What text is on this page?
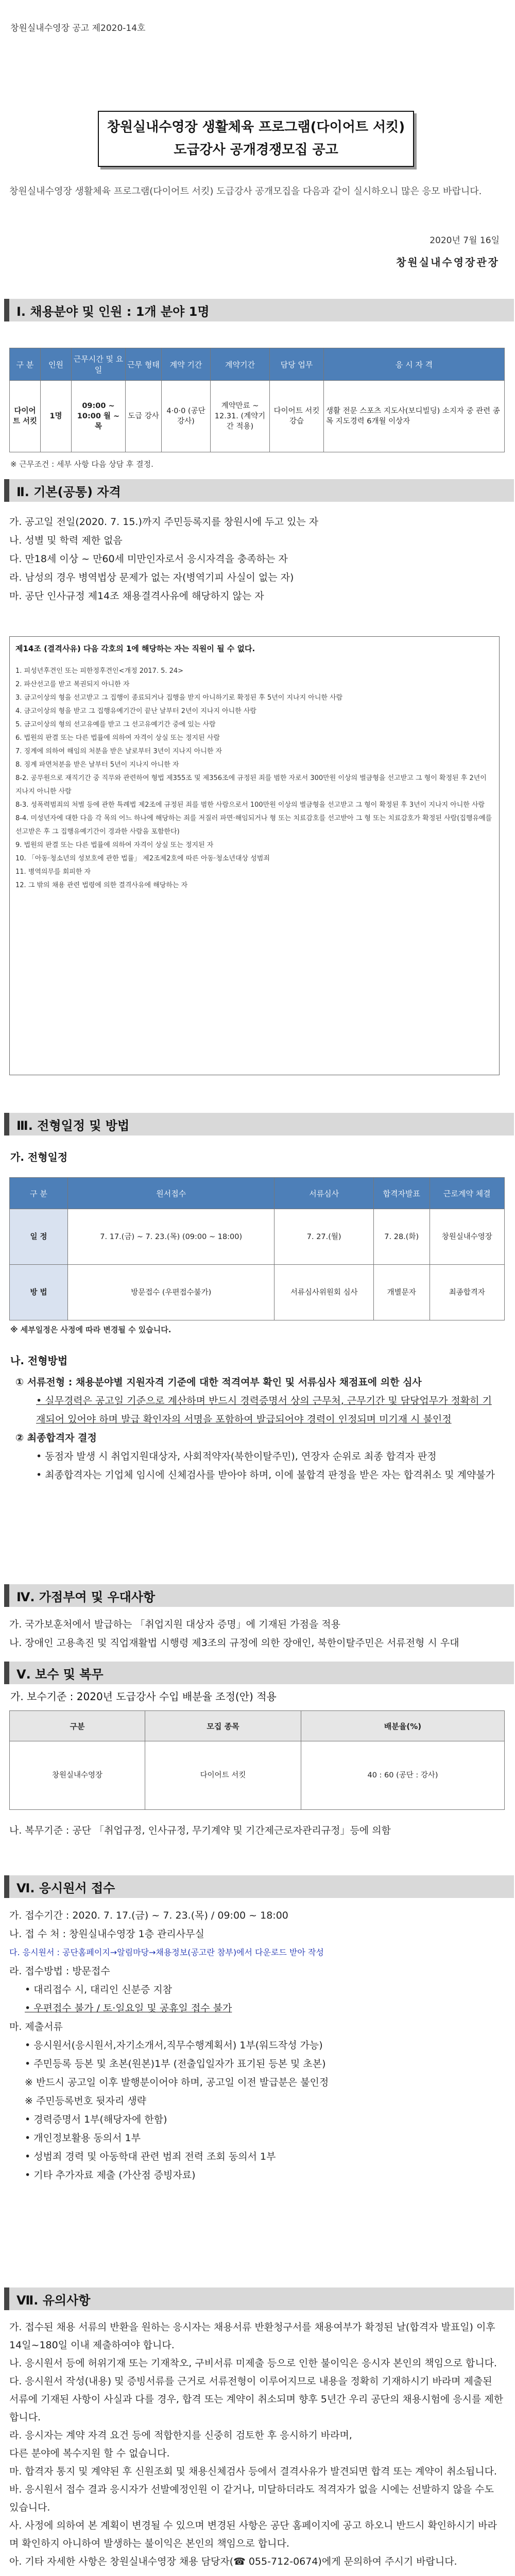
창원실내수영장 공고 제2020-14호
창원실내수영장 생활체육 프로그램(다이어트 서킷)
도급강사 공개경쟁모집 공고
창원실내수영장 생활체육 프로그램(다이어트 서킷) 도급강사 공개모집을 다음과 같이 실시하오니 많은 응모 바랍니다.
2020년 7월 16일
창원실내수영장관장
Ⅰ. 채용분야 및 인원 : 1개 분야 1명
구 분	인원	근무시간 및 요일	근무 형태	계약 기간	계약기간	담당 업무	응 시 자 격
다이어트 서킷	1명	09:00 ~ 10:00 월 ~ 목	도급 강사	4·0·0 (공단 강사)	계약만료 ~ 12.31. (계약기간 적용)	다이어트 서킷 강습	생활 전문 스포츠 지도사(보디빌딩) 소지자 중 관련 종목 지도경력 6개월 이상자
※ 근무조건 : 세부 사항 다음 상담 후 결정.
Ⅱ. 기본(공통) 자격
가. 공고일 전일(2020. 7. 15.)까지 주민등록지를 창원시에 두고 있는 자
나. 성별 및 학력 제한 없음
다. 만18세 이상 ~ 만60세 미만인자로서 응시자격을 충족하는 자
라. 남성의 경우 병역법상 문제가 없는 자(병역기피 사실이 없는 자)
마. 공단 인사규정 제14조 채용결격사유에 해당하지 않는 자
제14조 (결격사유) 다음 각호의 1에 해당하는 자는 직원이 될 수 없다.
1. 피성년후견인 또는 피한정후견인<개정 2017. 5. 24>
2. 파산선고를 받고 복권되지 아니한 자
3. 금고이상의 형을 선고받고 그 집행이 종료되거나 집행을 받지 아니하기로 확정된 후 5년이 지나지 아니한 사람
4. 금고이상의 형을 받고 그 집행유예기간이 끝난 날부터 2년이 지나지 아니한 사람
5. 금고이상의 형의 선고유예를 받고 그 선고유예기간 중에 있는 사람
6. 법원의 판결 또는 다른 법률에 의하여 자격이 상실 또는 정지된 사람
7. 징계에 의하여 해임의 처분을 받은 날로부터 3년이 지나지 아니한 자
8. 징계 파면처분을 받은 날부터 5년이 지나지 아니한 자
8-2. 공무원으로 재직기간 중 직무와 관련하여 형법 제355조 및 제356조에 규정된 죄를 범한 자로서 300만원 이상의 벌금형을 선고받고 그 형이 확정된 후 2년이 지나지 아니한 사람
8-3. 성폭력범죄의 처벌 등에 관한 특례법 제2조에 규정된 죄를 범한 사람으로서 100만원 이상의 벌금형을 선고받고 그 형이 확정된 후 3년이 지나지 아니한 사람
8-4. 미성년자에 대한 다음 각 목의 어느 하나에 해당하는 죄를 저질러 파면·해임되거나 형 또는 치료감호를 선고받아 그 형 또는 치료감호가 확정된 사람(집행유예를 선고받은 후 그 집행유예기간이 경과한 사람을 포함한다)
9. 법원의 판결 또는 다른 법률에 의하여 자격이 상실 또는 정지된 자
10. 「아동·청소년의 성보호에 관한 법률」 제2조제2호에 따른 아동·청소년대상 성범죄
11. 병역의무를 회피한 자
12. 그 밖의 채용 관련 법령에 의한 결격사유에 해당하는 자
Ⅲ. 전형일정 및 방법
가. 전형일정
구 분	원서접수	서류심사	합격자발표	근로계약 체결
일 정	7. 17.(금) ~ 7. 23.(목) (09:00 ~ 18:00)	7. 27.(월)	7. 28.(화)	창원실내수영장
방 법	방문접수 (우편접수불가)	서류심사위원회 심사	개별문자	최종합격자
※ 세부일정은 사정에 따라 변경될 수 있습니다.
나. 전형방법
① 서류전형 : 채용분야별 지원자격 기준에 대한 적격여부 확인 및 서류심사 채점표에 의한 심사
• 실무경력은 공고일 기준으로 계산하며 반드시 경력증명서 상의 근무처, 근무기간 및 담당업무가 정확히 기재되어 있어야 하며 발급 확인자의 서명을 포함하여 발급되어야 경력이 인정되며 미기재 시 불인정
② 최종합격자 결정
• 동점자 발생 시 취업지원대상자, 사회적약자(북한이탈주민), 연장자 순위로 최종 합격자 판정
• 최종합격자는 기업체 임시에 신체검사를 받아야 하며, 이에 불합격 판정을 받은 자는 합격취소 및 계약불가
Ⅳ. 가점부여 및 우대사항
가. 국가보훈처에서 발급하는 「취업지원 대상자 증명」에 기재된 가점을 적용
나. 장애인 고용촉진 및 직업재활법 시행령 제3조의 규정에 의한 장애인, 북한이탈주민은 서류전형 시 우대
Ⅴ. 보수 및 복무
가. 보수기준 : 2020년 도급강사 수입 배분율 조정(안) 적용
구분	모집 종목	배분율(%)
창원실내수영장	다이어트 서킷	40 : 60 (공단 : 강사)
나. 복무기준 : 공단 「취업규정, 인사규정, 무기계약 및 기간제근로자관리규정」등에 의함
Ⅵ. 응시원서 접수
가. 접수기간 : 2020. 7. 17.(금) ~ 7. 23.(목) / 09:00 ~ 18:00
나. 접 수 처 : 창원실내수영장 1층 관리사무실
다. 응시원서 : 공단홈페이지→알림마당→채용정보(공고란 참부)에서 다운로드 받아 작성
라. 접수방법 : 방문접수
• 대리접수 시, 대리인 신분증 지참
• 우편접수 불가 / 토·일요일 및 공휴일 접수 불가
마. 제출서류
• 응시원서(응시원서,자기소개서,직무수행계획서) 1부(워드작성 가능)
• 주민등록 등본 및 초본(원본)1부 (전출입일자가 표기된 등본 및 초본)
※ 반드시 공고일 이후 발행분이어야 하며, 공고일 이전 발급분은 불인정
※ 주민등록번호 뒷자리 생략
• 경력증명서 1부(해당자에 한함)
• 개인정보활용 동의서 1부
• 성범죄 경력 및 아동학대 관련 범죄 전력 조회 동의서 1부
• 기타 추가자료 제출 (가산점 증빙자료)
Ⅶ. 유의사항
가. 접수된 채용 서류의 반환을 원하는 응시자는 채용서류 반환청구서를 채용여부가 확정된 날(합격자 발표일) 이후 14일~180일 이내 제출하여야 합니다.
나. 응시원서 등에 허위기재 또는 기재착오, 구비서류 미제출 등으로 인한 불이익은 응시자 본인의 책임으로 합니다.
다. 응시원서 작성(내용) 및 증빙서류를 근거로 서류전형이 이루어지므로 내용을 정확히 기재하시기 바라며 제출된 서류에 기재된 사항이 사실과 다를 경우, 합격 또는 계약이 취소되며 향후 5년간 우리 공단의 채용시험에 응시를 제한합니다.
라. 응시자는 계약 자격 요건 등에 적합한지를 신중히 검토한 후 응시하기 바라며,
다른 분야에 복수지원 할 수 없습니다.
마. 합격자 통지 및 계약된 후 신원조회 및 채용신체검사 등에서 결격사유가 발견되면 합격 또는 계약이 취소됩니다.
바. 응시원서 접수 결과 응시자가 선발예정인원 이 같거나, 미달하더라도 적격자가 없을 시에는 선발하지 않을 수도 있습니다.
사. 사정에 의하여 본 계획이 변경될 수 있으며 변경된 사항은 공단 홈페이지에 공고 하오니 반드시 확인하시기 바라며 확인하지 아니하여 발생하는 불이익은 본인의 책임으로 합니다.
아. 기타 자세한 사항은 창원실내수영장 채용 담당자(☎ 055-712-0674)에게 문의하여 주시기 바랍니다.
